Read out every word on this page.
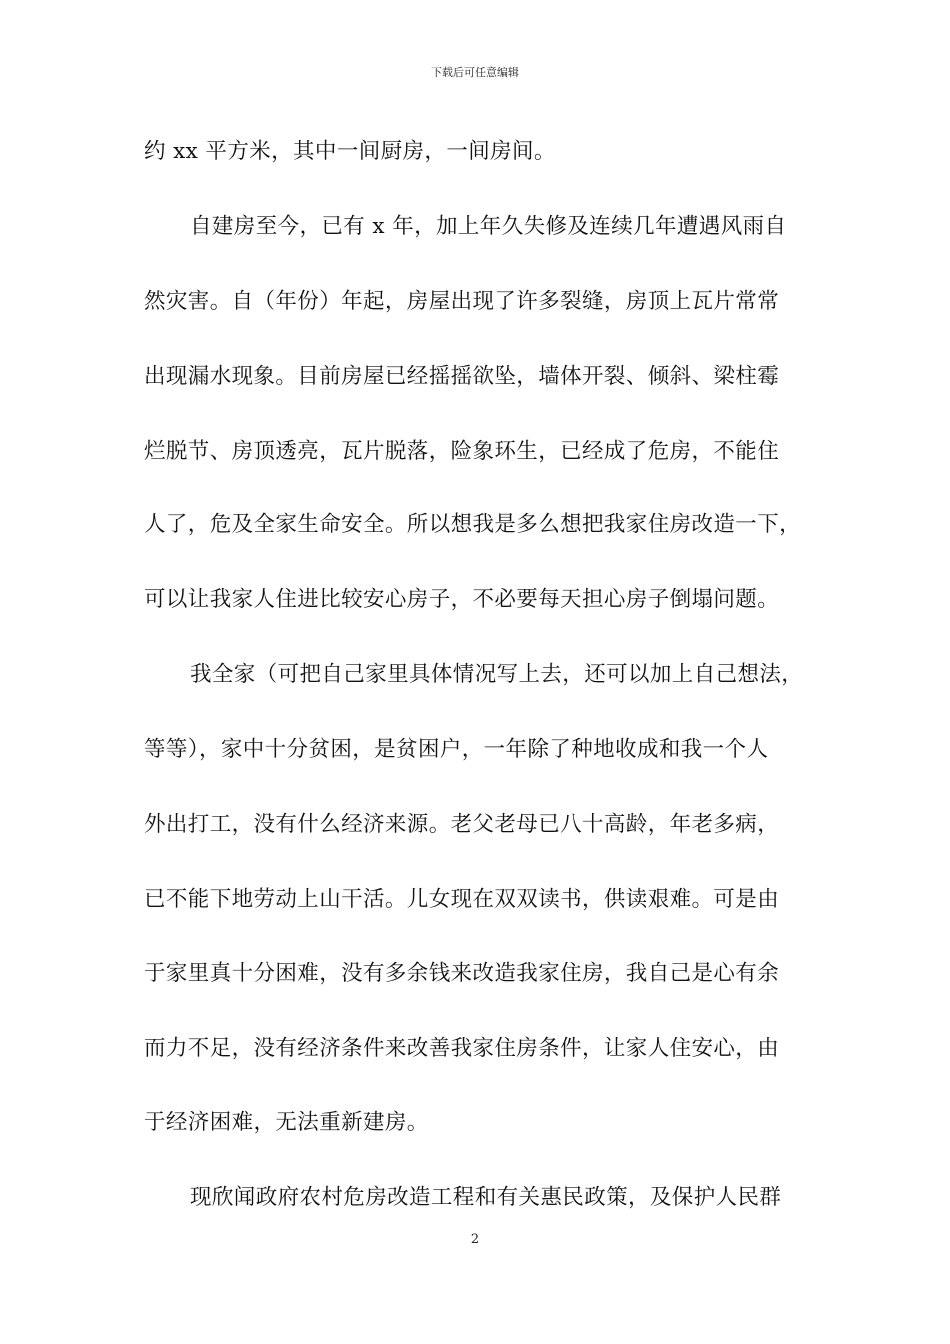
下载后可任意编辑
约 xx 平方米，其中一间厨房，一间房间。
自建房至今，已有 x 年，加上年久失修及连续几年遭遇风雨自
然灾害。自（年份）年起，房屋出现了许多裂缝，房顶上瓦片常常
出现漏水现象。目前房屋已经摇摇欲坠，墙体开裂、倾斜、梁柱霉
烂脱节、房顶透亮，瓦片脱落，险象环生，已经成了危房，不能住
人了，危及全家生命安全。所以想我是多么想把我家住房改造一下，
可以让我家人住进比较安心房子，不必要每天担心房子倒塌问题。
我全家（可把自己家里具体情况写上去，还可以加上自己想法，
等等），家中十分贫困，是贫困户，一年除了种地收成和我一个人
外出打工，没有什么经济来源。老父老母已八十高龄，年老多病，
已不能下地劳动上山干活。儿女现在双双读书，供读艰难。可是由
于家里真十分困难，没有多余钱来改造我家住房，我自己是心有余
而力不足，没有经济条件来改善我家住房条件，让家人住安心，由
于经济困难，无法重新建房。
现欣闻政府农村危房改造工程和有关惠民政策，及保护人民群
2
